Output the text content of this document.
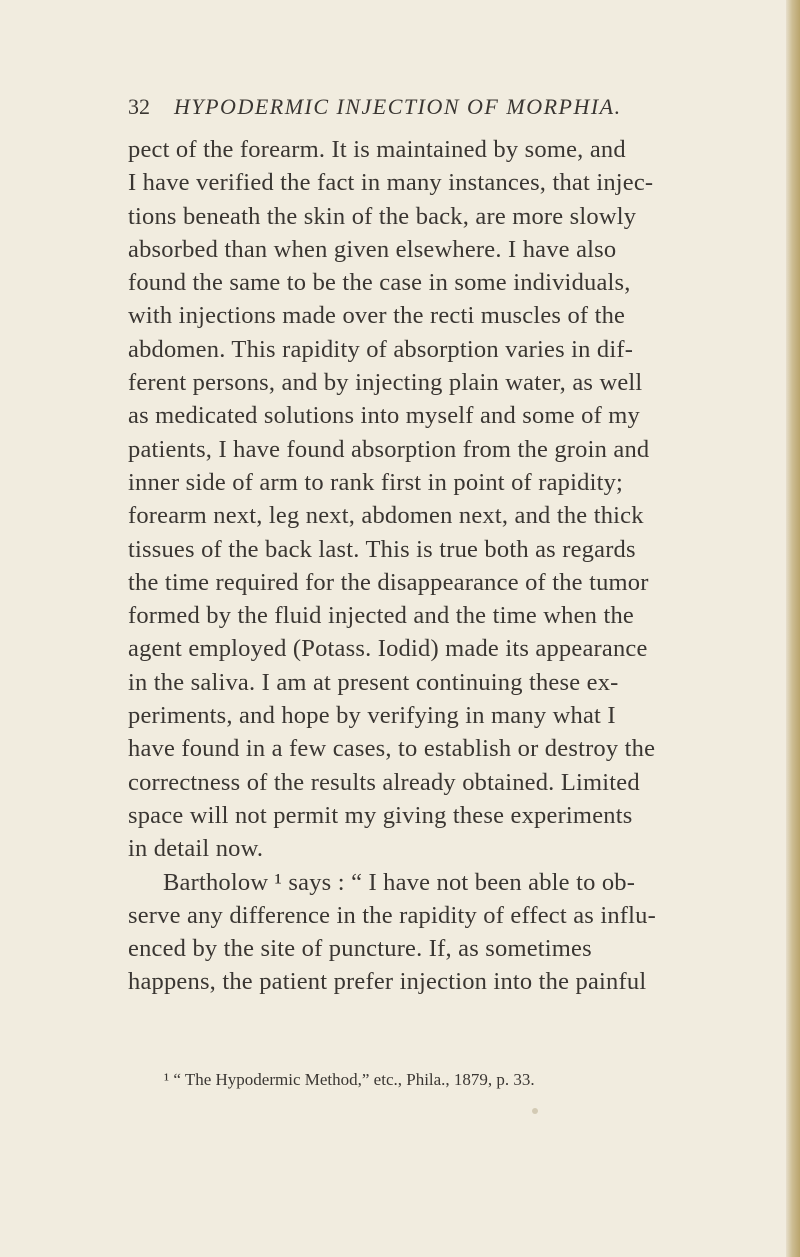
32 HYPODERMIC INJECTION OF MORPHIA.
pect of the forearm. It is maintained by some, and
I have verified the fact in many instances, that injec-
tions beneath the skin of the back, are more slowly
absorbed than when given elsewhere. I have also
found the same to be the case in some individuals,
with injections made over the recti muscles of the
abdomen. This rapidity of absorption varies in dif-
ferent persons, and by injecting plain water, as well
as medicated solutions into myself and some of my
patients, I have found absorption from the groin and
inner side of arm to rank first in point of rapidity;
forearm next, leg next, abdomen next, and the thick
tissues of the back last. This is true both as regards
the time required for the disappearance of the tumor
formed by the fluid injected and the time when the
agent employed (Potass. Iodid) made its appearance
in the saliva. I am at present continuing these ex-
periments, and hope by verifying in many what I
have found in a few cases, to establish or destroy the
correctness of the results already obtained. Limited
space will not permit my giving these experiments
in detail now.
Bartholow ¹ says : “ I have not been able to ob-
serve any difference in the rapidity of effect as influ-
enced by the site of puncture. If, as sometimes
happens, the patient prefer injection into the painful
¹ “ The Hypodermic Method,” etc., Phila., 1879, p. 33.
